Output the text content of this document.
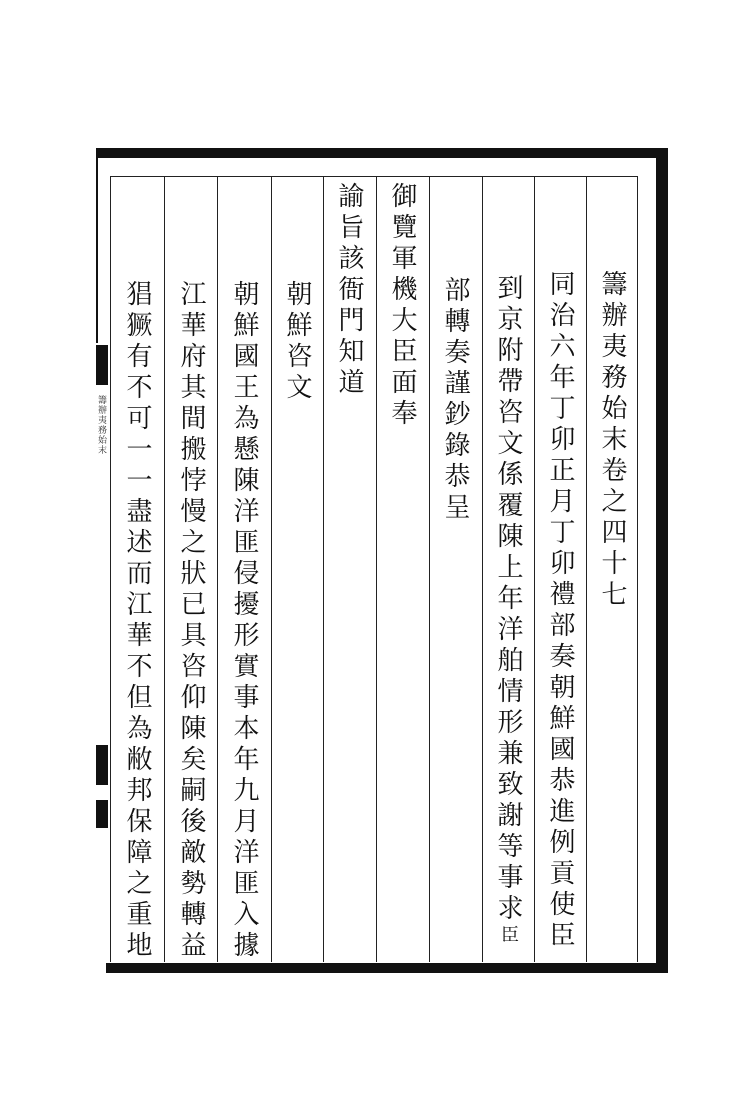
籌辦夷務始末	籌辦夷務始末卷之四十七
同治六年丁卯正月丁卯禮部奏朝鮮國恭進例貢使臣
到京附帶咨文係覆陳上年洋舶情形兼致謝等事求臣
部轉奏謹鈔錄恭呈
御覽軍機大臣面奉
諭旨該衙門知道
朝鮮咨文
朝鮮國王為懸陳洋匪侵擾形實事本年九月洋匪入據
江華府其間搬悖慢之狀已具咨仰陳矣嗣後敵勢轉益
猖獗有不可一一盡述而江華不但為敝邦保障之重地
